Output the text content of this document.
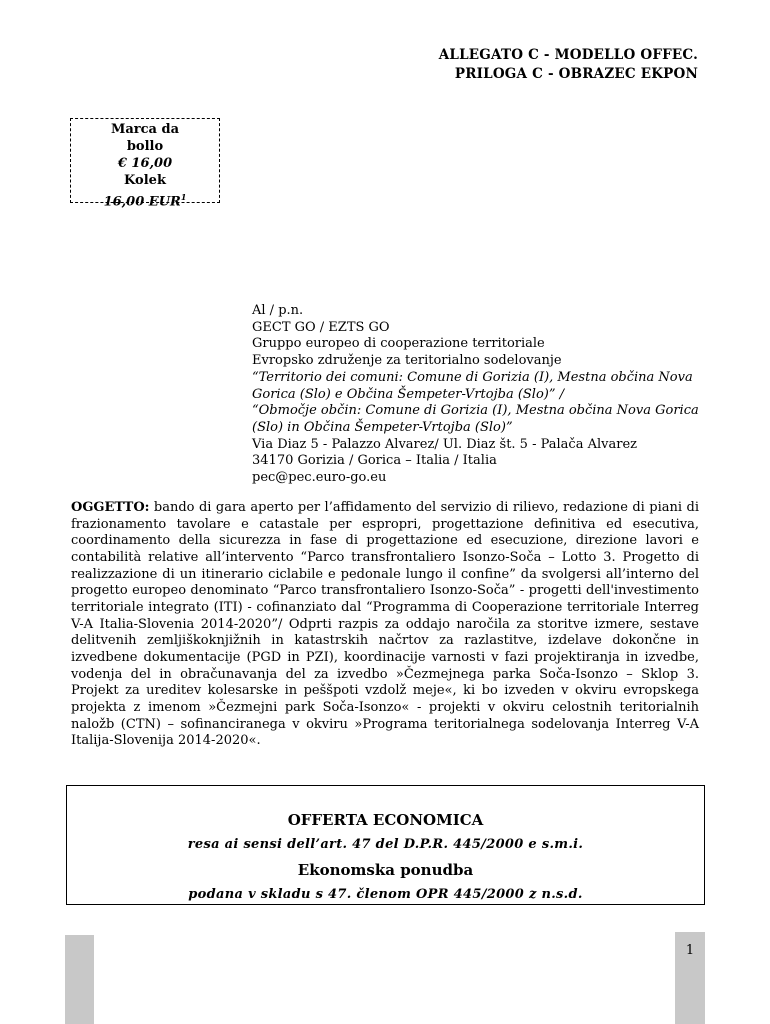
ALLEGATO C - MODELLO OFFEC.
PRILOGA C - OBRAZEC EKPON
Marca da
bollo
€ 16,00
Kolek
16,00 EUR$^1$
Al / p.n.
GECT GO / EZTS GO
Gruppo europeo di cooperazione territoriale
Evropsko združenje za teritorialno sodelovanje
“Territorio dei comuni: Comune di Gorizia (I), Mestna občina Nova Gorica (Slo) e Občina Šempeter-Vrtojba (Slo)” /
“Območje občin: Comune di Gorizia (I), Mestna občina Nova Gorica (Slo) in Občina Šempeter-Vrtojba (Slo)”
Via Diaz 5 - Palazzo Alvarez/ Ul. Diaz št. 5 - Palača Alvarez
34170 Gorizia / Gorica – Italia / Italia
pec@pec.euro-go.eu
OGGETTO: bando di gara aperto per l’affidamento del servizio di rilievo, redazione di piani di frazionamento tavolare e catastale per espropri, progettazione definitiva ed esecutiva, coordinamento della sicurezza in fase di progettazione ed esecuzione, direzione lavori e contabilità relative all’intervento “Parco transfrontaliero Isonzo-Soča – Lotto 3. Progetto di realizzazione di un itinerario ciclabile e pedonale lungo il confine” da svolgersi all’interno del progetto europeo denominato “Parco transfrontaliero Isonzo-Soča” - progetti dell'investimento territoriale integrato (ITI) - cofinanziato dal “Programma di Cooperazione territoriale Interreg V-A Italia-Slovenia 2014-2020”/ Odprti razpis za oddajo naročila za storitve izmere, sestave delitvenih zemljiškoknjižnih in katastrskih načrtov za razlastitve, izdelave dokončne in izvedbene dokumentacije (PGD in PZI), koordinacije varnosti v fazi projektiranja in izvedbe, vodenja del in obračunavanja del za izvedbo »Čezmejnega parka Soča-Isonzo – Sklop 3. Projekt za ureditev kolesarske in peššpoti vzdolž meje«, ki bo izveden v okviru evropskega projekta z imenom »Čezmejni park Soča-Isonzo« - projekti v okviru celostnih teritorialnih naložb (CTN) – sofinanciranega v okviru »Programa teritorialnega sodelovanja Interreg V-A Italija-Slovenija 2014-2020«.
OFFERTA ECONOMICA
resa ai sensi dell’art. 47 del D.P.R. 445/2000 e s.m.i.
Ekonomska ponudba
podana v skladu s 47. členom OPR 445/2000 z n.s.d.
1
